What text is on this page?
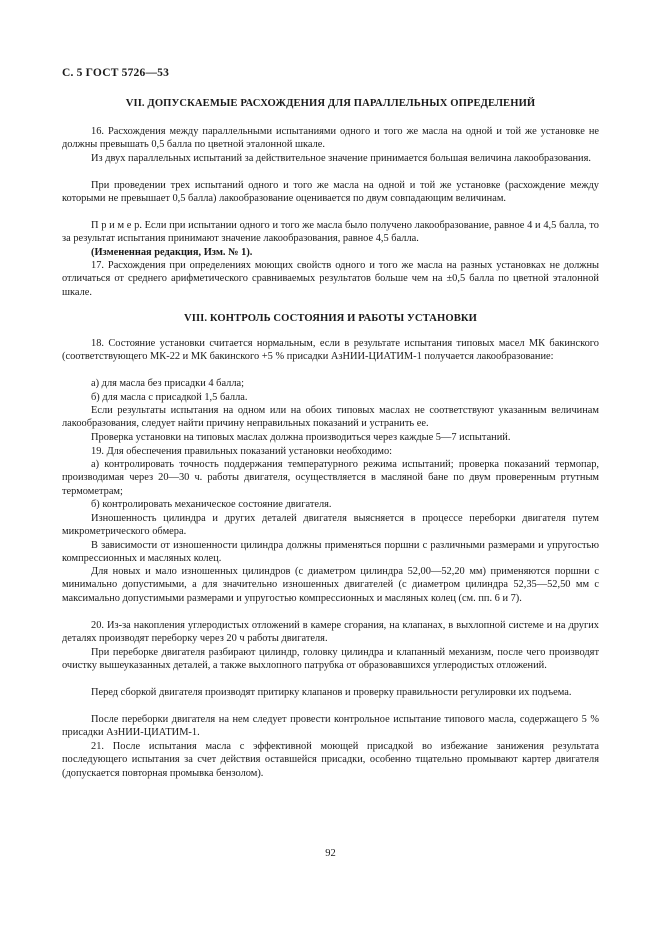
С. 5 ГОСТ 5726—53
VII. ДОПУСКАЕМЫЕ РАСХОЖДЕНИЯ ДЛЯ ПАРАЛЛЕЛЬНЫХ ОПРЕДЕЛЕНИЙ

16. Расхождения между параллельными испытаниями одного и того же масла на одной и той же установке не должны превышать 0,5 балла по цветной эталонной шкале.

Из двух параллельных испытаний за действительное значение принимается большая величина лакообразования.

При проведении трех испытаний одного и того же масла на одной и той же установке (расхождение между которыми не превышает 0,5 балла) лакообразование оценивается по двум совпадающим величинам.

П р и м е р. Если при испытании одного и того же масла было получено лакообразование, равное 4 и 4,5 балла, то за результат испытания принимают значение лакообразования, равное 4,5 балла.

(Измененная редакция, Изм. № 1).

17. Расхождения при определениях моющих свойств одного и того же масла на разных установках не должны отличаться от среднего арифметического сравниваемых результатов больше чем на ±0,5 балла по цветной эталонной шкале.

VIII. КОНТРОЛЬ СОСТОЯНИЯ И РАБОТЫ УСТАНОВКИ

18. Состояние установки считается нормальным, если в результате испытания типовых масел МК бакинского (соответствующего МК-22 и МК бакинского +5 % присадки АзНИИ-ЦИАТИМ-1 получается лакообразование:

а) для масла без присадки 4 балла;

б) для масла с присадкой 1,5 балла.

Если результаты испытания на одном или на обоих типовых маслах не соответствуют указанным величинам лакообразования, следует найти причину неправильных показаний и устранить ее.

Проверка установки на типовых маслах должна производиться через каждые 5—7 испытаний.

19. Для обеспечения правильных показаний установки необходимо:

а) контролировать точность поддержания температурного режима испытаний; проверка показаний термопар, производимая через 20—30 ч. работы двигателя, осуществляется в масляной бане по двум проверенным ртутным термометрам;

б) контролировать механическое состояние двигателя.

Изношенность цилиндра и других деталей двигателя выясняется в процессе переборки двигателя путем микрометрического обмера.

В зависимости от изношенности цилиндра должны применяться поршни с различными размерами и упругостью компрессионных и масляных колец.

Для новых и мало изношенных цилиндров (с диаметром цилиндра 52,00—52,20 мм) применяются поршни с минимально допустимыми, а для значительно изношенных двигателей (с диаметром цилиндра 52,35—52,50 мм с максимально допустимыми размерами и упругостью компрессионных и масляных колец (см. пп. 6 и 7).

20. Из-за накопления углеродистых отложений в камере сгорания, на клапанах, в выхлопной системе и на других деталях производят переборку через 20 ч работы двигателя.

При переборке двигателя разбирают цилиндр, головку цилиндра и клапанный механизм, после чего производят очистку вышеуказанных деталей, а также выхлопного патрубка от образовавшихся углеродистых отложений.

Перед сборкой двигателя производят притирку клапанов и проверку правильности регулировки их подъема.

После переборки двигателя на нем следует провести контрольное испытание типового масла, содержащего 5 % присадки АзНИИ-ЦИАТИМ-1.

21. После испытания масла с эффективной моющей присадкой во избежание занижения результата последующего испытания за счет действия оставшейся присадки, особенно тщательно промывают картер двигателя (допускается повторная промывка бензолом).

92
